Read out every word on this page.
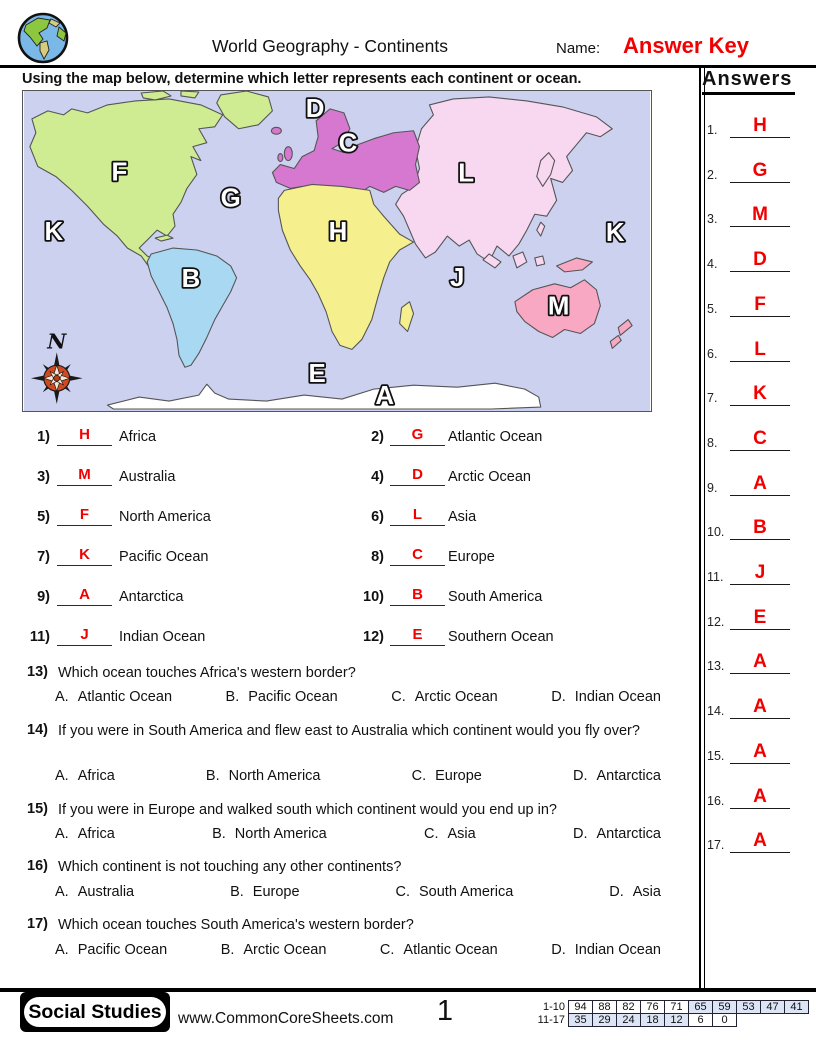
World Geography - Continents	Name: Answer Key
Using the map below, determine which letter represents each continent or ocean.
D
C
F	L
G
K	H	K
J
B
M
E
A
N
1)	H	Africa	2)	G	Atlantic Ocean
3)	M	Australia	4)	D	Arctic Ocean
5)	F	North America	6)	L	Asia
7)	K	Pacific Ocean	8)	C	Europe
9)	A	Antarctica	10)	B	South America
11)	J	Indian Ocean	12)	E	Southern Ocean
13) Which ocean touches Africa's western border?
A. Atlantic Ocean	B. Pacific Ocean	C. Arctic Ocean	D. Indian Ocean
14) If you were in South America and flew east to Australia which continent would you fly over?
A. Africa	B. North America	C. Europe	D. Antarctica
15) If you were in Europe and walked south which continent would you end up in?
A. Africa	B. North America	C. Asia	D. Antarctica
16) Which continent is not touching any other continents?
A. Australia	B. Europe	C. South America	D. Asia
17) Which ocean touches South America's western border?
A. Pacific Ocean	B. Arctic Ocean	C. Atlantic Ocean	D. Indian Ocean
Answers
1.	H
2.	G
3.	M
4.	D
5.	F
6.	L
7.	K
8.	C
9.	A
10.	B
11.	J
12.	E
13.	A
14.	A
15.	A
16.	A
17.	A
Social Studies www.CommonCoreSheets.com	1	1-10 94	88	82	76	71	65	59	53	47	41
11-17 35	29	24	18	12	6	0
